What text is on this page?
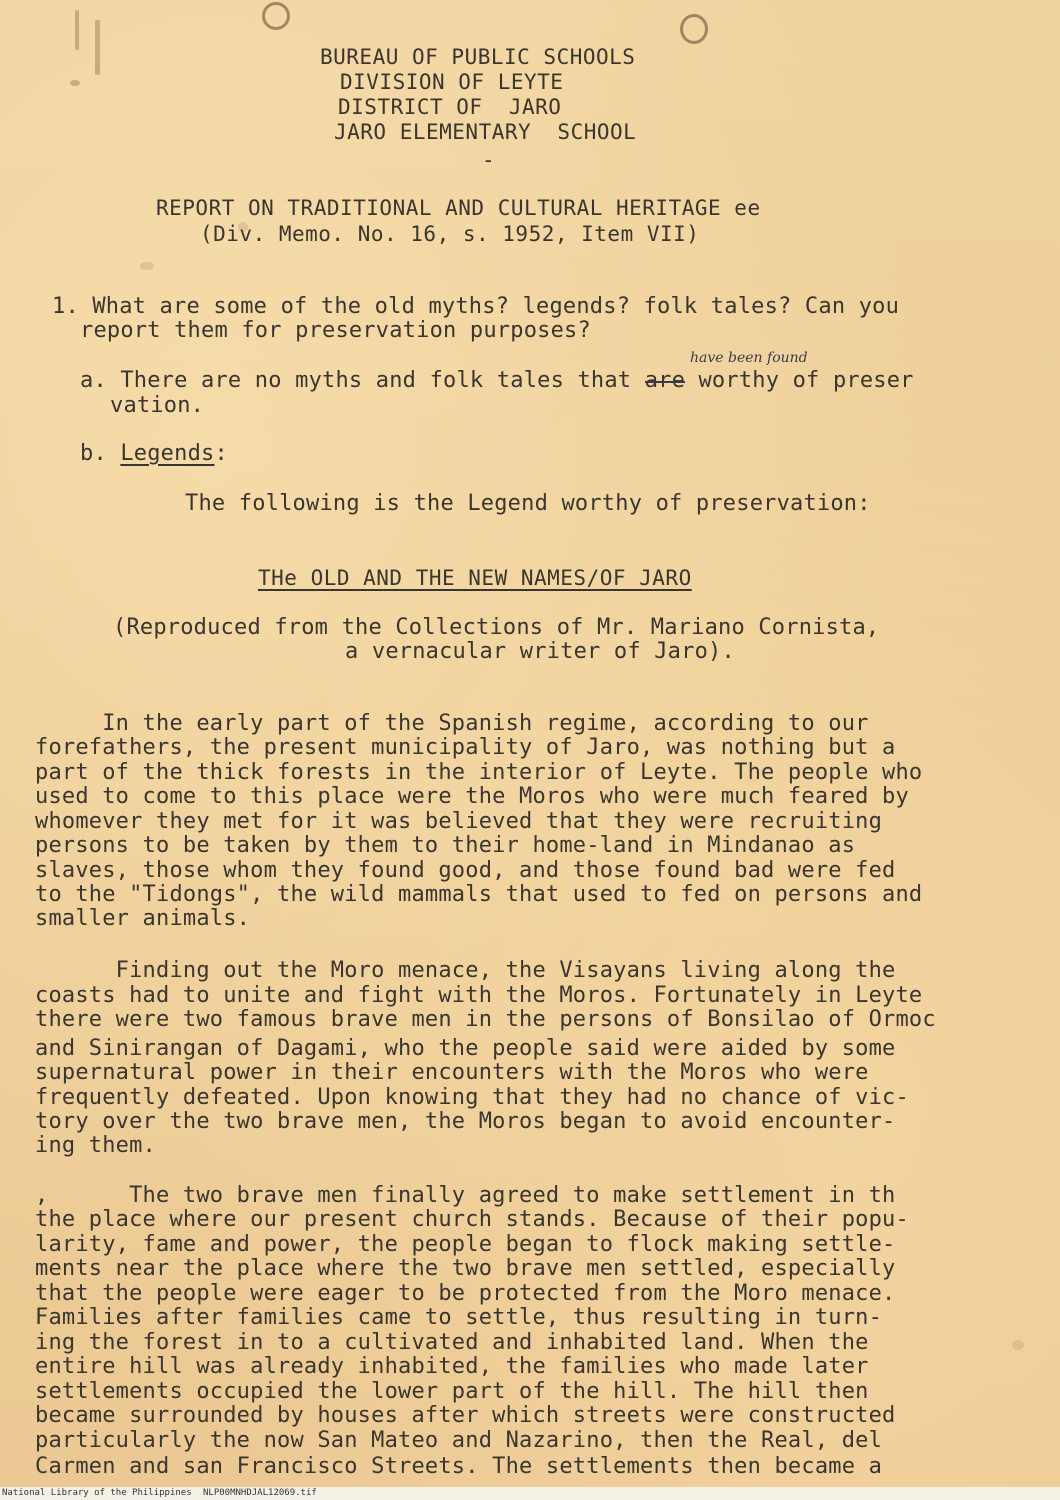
BUREAU OF PUBLIC SCHOOLS
DIVISION OF LEYTE
DISTRICT OF  JARO
JARO ELEMENTARY  SCHOOL
-
REPORT ON TRADITIONAL AND CULTURAL HERITAGE ee
(Div. Memo. No. 16, s. 1952, Item VII)
1. What are some of the old myths? legends? folk tales? Can you
report them for preservation purposes?
a. There are no myths and folk tales that are worthy of preser
have been found
vation.
b. Legends:
The following is the Legend worthy of preservation:
THe OLD AND THE NEW NAMES/OF JARO
(Reproduced from the Collections of Mr. Mariano Cornista,
a vernacular writer of Jaro).
In the early part of the Spanish regime, according to our
forefathers, the present municipality of Jaro, was nothing but a
part of the thick forests in the interior of Leyte. The people who
used to come to this place were the Moros who were much feared by
whomever they met for it was believed that they were recruiting
persons to be taken by them to their home-land in Mindanao as
slaves, those whom they found good, and those found bad were fed
to the "Tidongs", the wild mammals that used to fed on persons and
smaller animals.
Finding out the Moro menace, the Visayans living along the
coasts had to unite and fight with the Moros. Fortunately in Leyte
there were two famous brave men in the persons of Bonsilao of Ormoc
and Sinirangan of Dagami, who the people said were aided by some
supernatural power in their encounters with the Moros who were
frequently defeated. Upon knowing that they had no chance of vic-
tory over the two brave men, the Moros began to avoid encounter-
ing them.
,      The two brave men finally agreed to make settlement in th
the place where our present church stands. Because of their popu-
larity, fame and power, the people began to flock making settle-
ments near the place where the two brave men settled, especially
that the people were eager to be protected from the Moro menace.
Families after families came to settle, thus resulting in turn-
ing the forest in to a cultivated and inhabited land. When the
entire hill was already inhabited, the families who made later
settlements occupied the lower part of the hill. The hill then
became surrounded by houses after which streets were constructed
particularly the now San Mateo and Nazarino, then the Real, del
Carmen and san Francisco Streets. The settlements then became a
National Library of the Philippines NLP00MNHDJAL12069.tif
